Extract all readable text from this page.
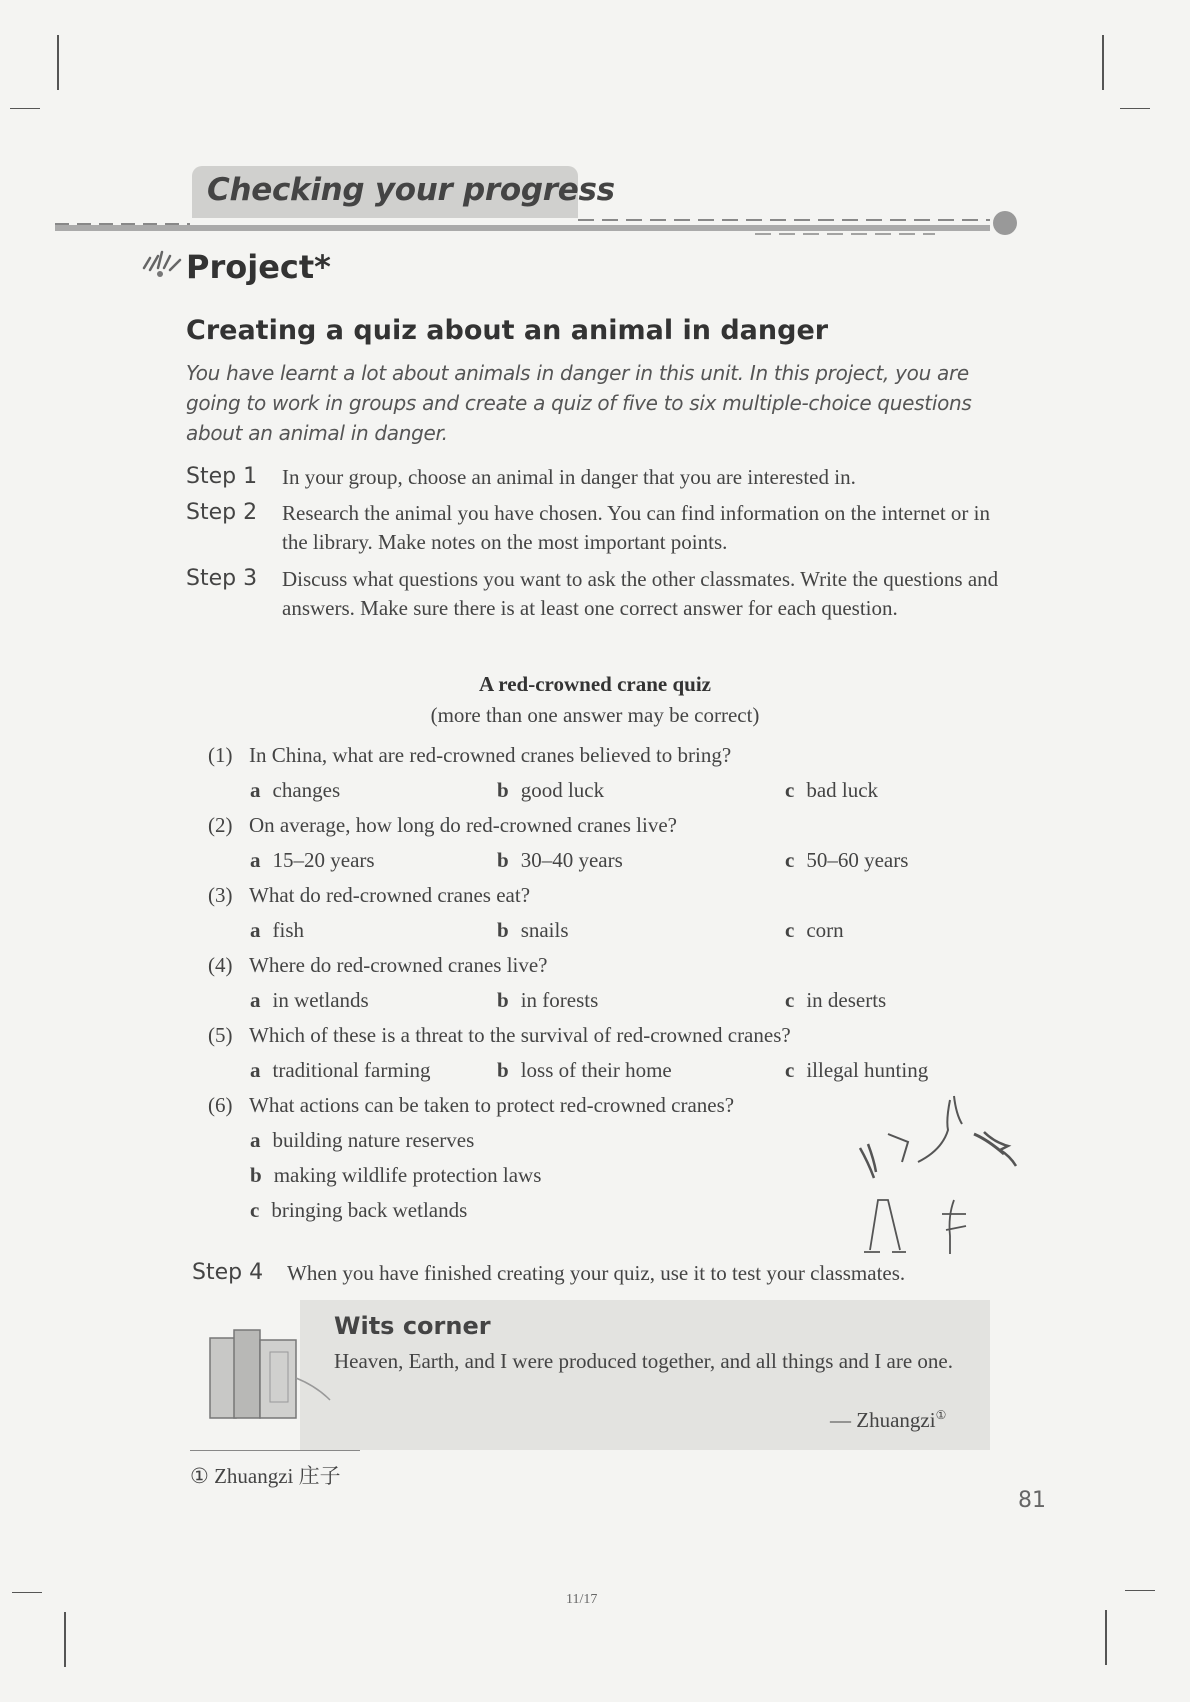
Checking your progress
Project*
Creating a quiz about an animal in danger
You have learnt a lot about animals in danger in this unit. In this project, you are going to work in groups and create a quiz of five to six multiple-choice questions about an animal in danger.
Step 1 In your group, choose an animal in danger that you are interested in.
Step 2 Research the animal you have chosen. You can find information on the internet or in the library. Make notes on the most important points.
Step 3 Discuss what questions you want to ask the other classmates. Write the questions and answers. Make sure there is at least one correct answer for each question.
A red-crowned crane quiz
(more than one answer may be correct)
(1) In China, what are red-crowned cranes believed to bring?
a changes	b good luck	c bad luck
(2) On average, how long do red-crowned cranes live?
a 15–20 years	b 30–40 years	c 50–60 years
(3) What do red-crowned cranes eat?
a fish	b snails	c corn
(4) Where do red-crowned cranes live?
a in wetlands	b in forests	c in deserts
(5) Which of these is a threat to the survival of red-crowned cranes?
a traditional farming	b loss of their home	c illegal hunting
(6) What actions can be taken to protect red-crowned cranes?
a building nature reserves
b making wildlife protection laws
c bringing back wetlands
Step 4 When you have finished creating your quiz, use it to test your classmates.
Wits corner
Heaven, Earth, and I were produced together, and all things and I are one.
— Zhuangzi①
① Zhuangzi 庄子
81
11/17
